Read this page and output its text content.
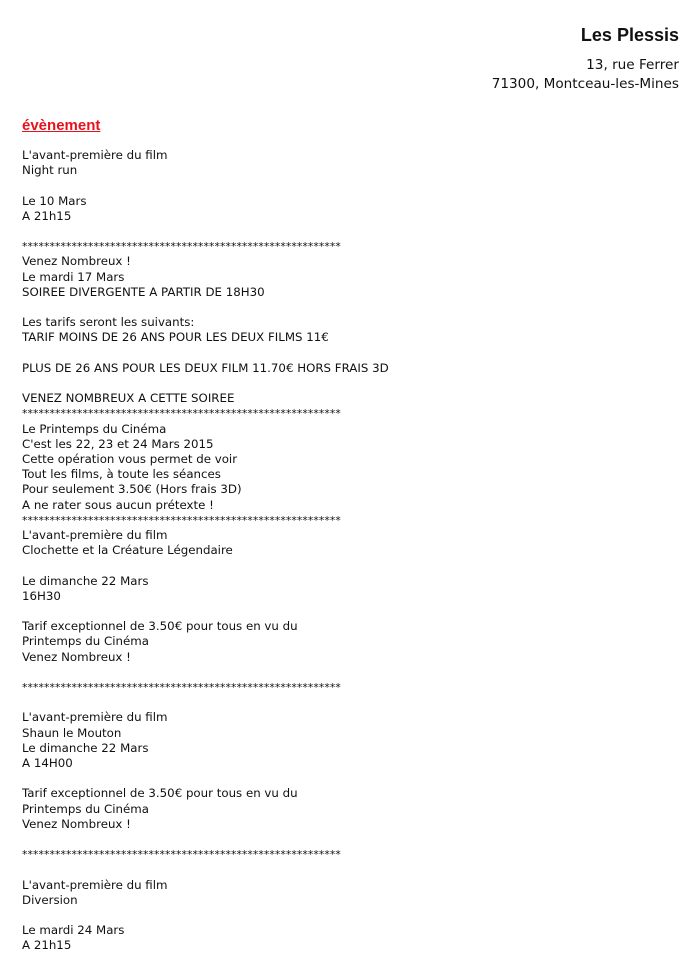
Les Plessis
13, rue Ferrer
71300, Montceau-les-Mines
évènement
L'avant-première du film
Night run
Le 10 Mars
A 21h15
**********************************************************
Venez Nombreux !
Le mardi 17 Mars
SOIREE DIVERGENTE A PARTIR DE 18H30
Les tarifs seront les suivants:
TARIF MOINS DE 26 ANS POUR LES DEUX FILMS 11€
PLUS DE 26 ANS POUR LES DEUX FILM 11.70€ HORS FRAIS 3D
VENEZ NOMBREUX A CETTE SOIREE
**********************************************************
Le Printemps du Cinéma
C'est les 22, 23 et 24 Mars 2015
Cette opération vous permet de voir
Tout les films, à toute les séances
Pour seulement 3.50€ (Hors frais 3D)
A ne rater sous aucun prétexte !
**********************************************************
L'avant-première du film
Clochette et la Créature Légendaire
Le dimanche 22 Mars
16H30
Tarif exceptionnel de 3.50€ pour tous en vu du
Printemps du Cinéma
Venez Nombreux !
**********************************************************
L'avant-première du film
Shaun le Mouton
Le dimanche 22 Mars
A 14H00
Tarif exceptionnel de 3.50€ pour tous en vu du
Printemps du Cinéma
Venez Nombreux !
**********************************************************
L'avant-première du film
Diversion
Le mardi 24 Mars
A 21h15
